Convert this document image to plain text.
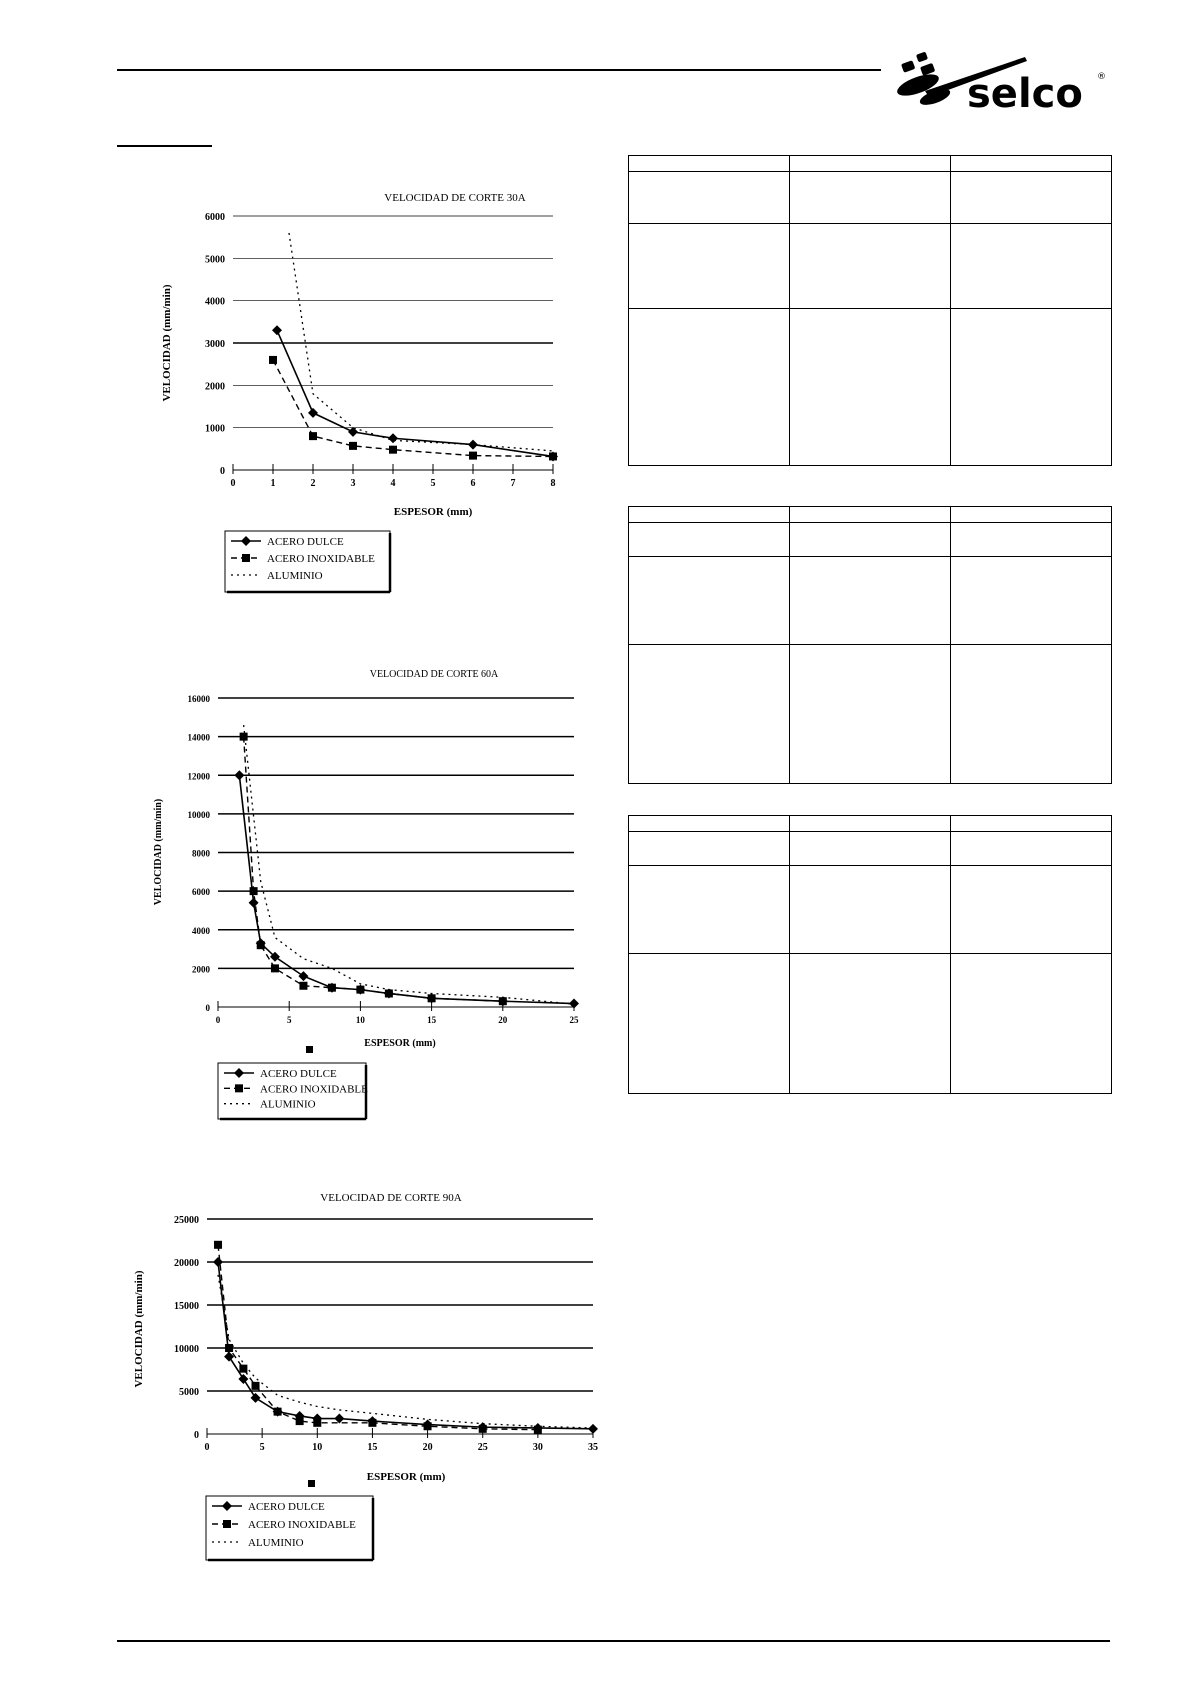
selco ®
0
1000
2000
3000
4000
5000
6000
0	1	2	3	4	5	6	7	8
VELOCIDAD DE CORTE 30A
ESPESOR (mm)
VELOCIDAD (mm/min)
ACERO DULCE
ACERO INOXIDABLE
ALUMINIO
0
2000
4000
6000
8000
10000
12000
14000
16000
0	5	10	15	20	25
VELOCIDAD DE CORTE 60A
ESPESOR (mm)
VELOCIDAD (mm/min)
ACERO DULCE
ACERO INOXIDABLE
ALUMINIO
0
5000
10000
15000
20000
25000
0	5	10	15	20	25	30	35
VELOCIDAD DE CORTE 90A
ESPESOR (mm)
VELOCIDAD (mm/min)
ACERO DULCE
ACERO INOXIDABLE
ALUMINIO
